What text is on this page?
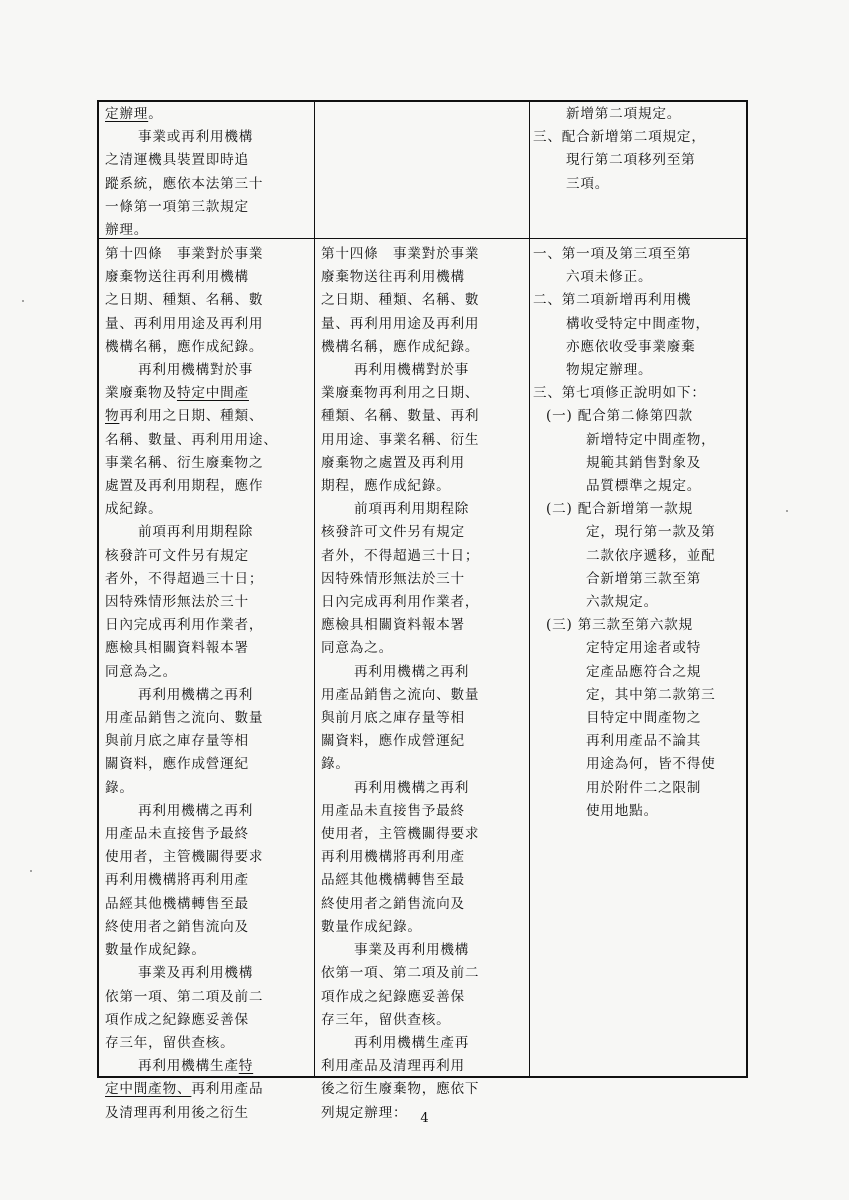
定辦理。
事業或再利用機構
之清運機具裝置即時追
蹤系統，應依本法第三十
一條第一項第三款規定
辦理。
新增第二項規定。
三、配合新增第二項規定，
現行第二項移列至第
三項。
第十四條　事業對於事業
廢棄物送往再利用機構
之日期、種類、名稱、數
量、再利用用途及再利用
機構名稱，應作成紀錄。
再利用機構對於事
業廢棄物及特定中間產
物再利用之日期、種類、
名稱、數量、再利用用途、
事業名稱、衍生廢棄物之
處置及再利用期程，應作
成紀錄。
前項再利用期程除
核發許可文件另有規定
者外，不得超過三十日；
因特殊情形無法於三十
日內完成再利用作業者，
應檢具相關資料報本署
同意為之。
再利用機構之再利
用產品銷售之流向、數量
與前月底之庫存量等相
關資料，應作成營運紀
錄。
再利用機構之再利
用產品未直接售予最終
使用者，主管機關得要求
再利用機構將再利用產
品經其他機構轉售至最
終使用者之銷售流向及
數量作成紀錄。
事業及再利用機構
依第一項、第二項及前二
項作成之紀錄應妥善保
存三年，留供查核。
再利用機構生產特
定中間產物、再利用產品
及清理再利用後之衍生
第十四條　事業對於事業
廢棄物送往再利用機構
之日期、種類、名稱、數
量、再利用用途及再利用
機構名稱，應作成紀錄。
再利用機構對於事
業廢棄物再利用之日期、
種類、名稱、數量、再利
用用途、事業名稱、衍生
廢棄物之處置及再利用
期程，應作成紀錄。
前項再利用期程除
核發許可文件另有規定
者外，不得超過三十日；
因特殊情形無法於三十
日內完成再利用作業者，
應檢具相關資料報本署
同意為之。
再利用機構之再利
用產品銷售之流向、數量
與前月底之庫存量等相
關資料，應作成營運紀
錄。
再利用機構之再利
用產品未直接售予最終
使用者，主管機關得要求
再利用機構將再利用產
品經其他機構轉售至最
終使用者之銷售流向及
數量作成紀錄。
事業及再利用機構
依第一項、第二項及前二
項作成之紀錄應妥善保
存三年，留供查核。
再利用機構生產再
利用產品及清理再利用
後之衍生廢棄物，應依下
列規定辦理：
一、第一項及第三項至第
六項未修正。
二、第二項新增再利用機
構收受特定中間產物，
亦應依收受事業廢棄
物規定辦理。
三、第七項修正說明如下：
(一) 配合第二條第四款
新增特定中間產物，
規範其銷售對象及
品質標準之規定。
(二) 配合新增第一款規
定，現行第一款及第
二款依序遞移，並配
合新增第三款至第
六款規定。
(三) 第三款至第六款規
定特定用途者或特
定產品應符合之規
定，其中第二款第三
目特定中間產物之
再利用產品不論其
用途為何，皆不得使
用於附件二之限制
使用地點。
4
